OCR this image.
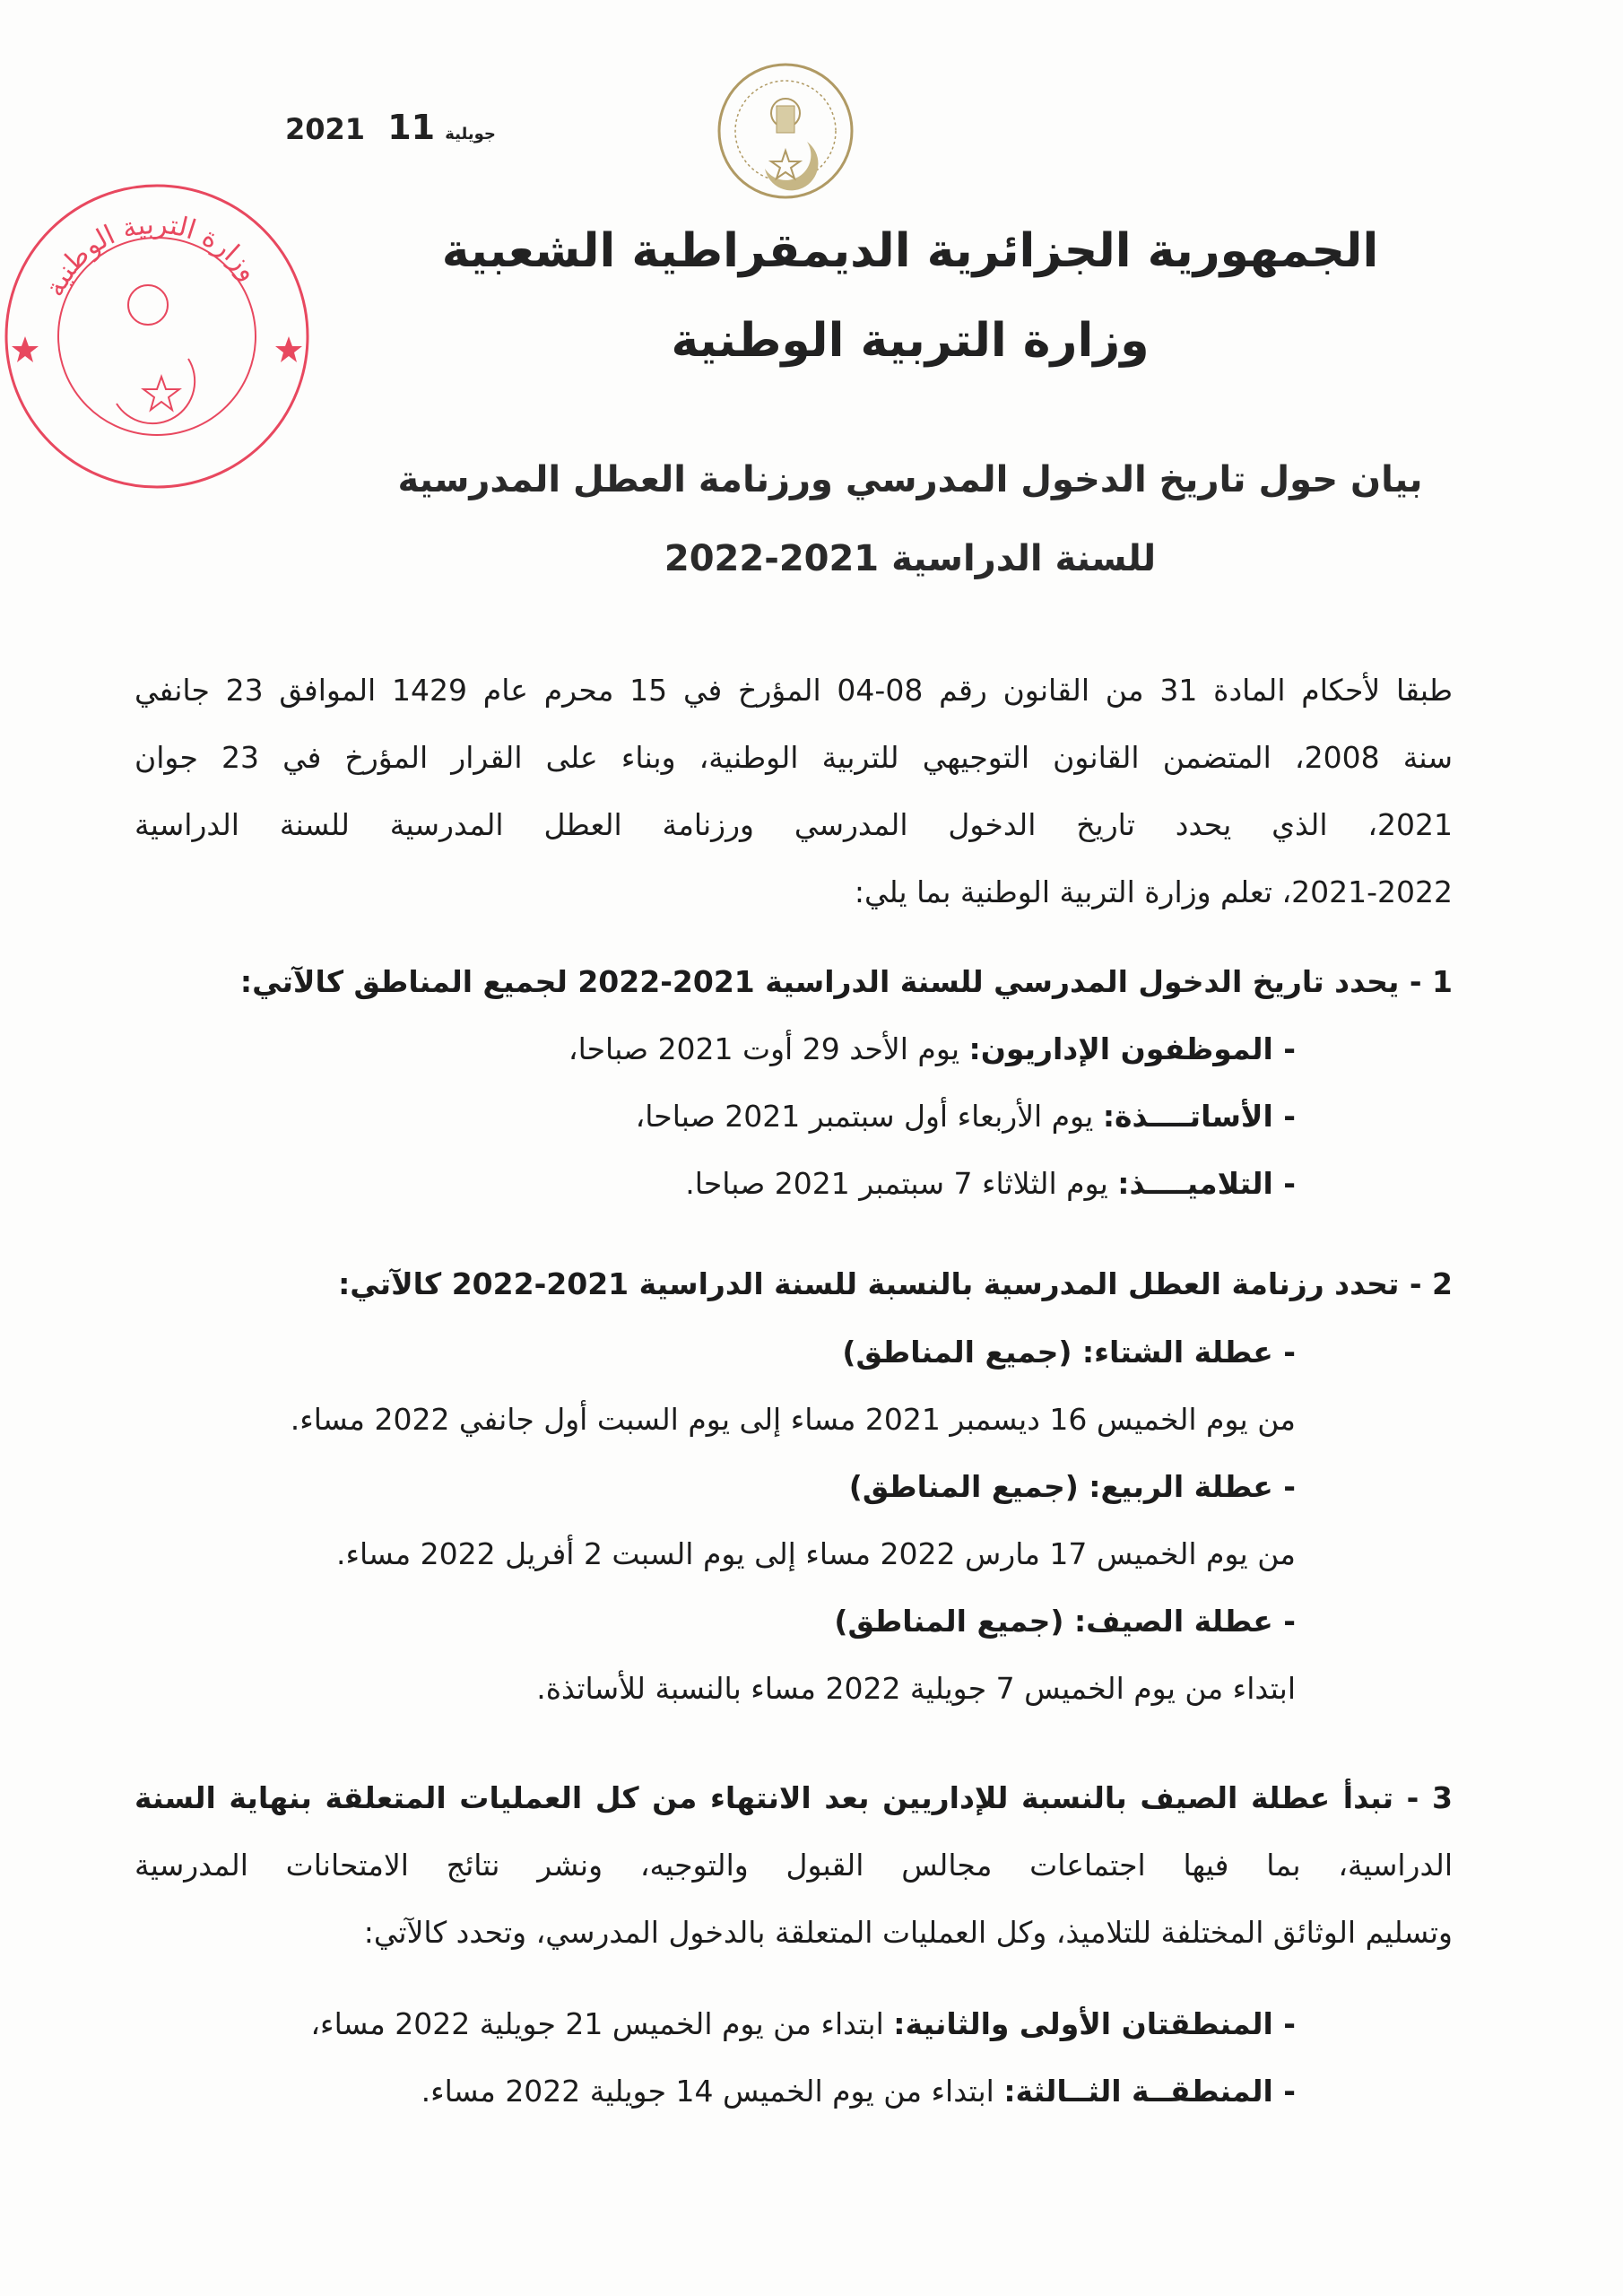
2021	جويلية 11
وزارة التربية الوطنية	الجمهورية الجزائرية الديمقراطية الشعبية
وزارة التربية الوطنية
بيان حول تاريخ الدخول المدرسي ورزنامة العطل المدرسية
للسنة الدراسية 2021-2022
طبقا لأحكام المادة 31 من القانون رقم 08-04 المؤرخ في 15 محرم عام 1429 الموافق 23 جانفي
سنة 2008، المتضمن القانون التوجيهي للتربية الوطنية، وبناء على القرار المؤرخ في 23 جوان
2021، الذي يحدد تاريخ الدخول المدرسي ورزنامة العطل المدرسية للسنة الدراسية
2021-2022، تعلم وزارة التربية الوطنية بما يلي:
1 - يحدد تاريخ الدخول المدرسي للسنة الدراسية 2021-2022 لجميع المناطق كالآتي:
- الموظفون الإداريون: يوم الأحد 29 أوت 2021 صباحا،
- الأساتــــذة: يوم الأربعاء أول سبتمبر 2021 صباحا،
- التلاميــــذ: يوم الثلاثاء 7 سبتمبر 2021 صباحا.
2 - تحدد رزنامة العطل المدرسية بالنسبة للسنة الدراسية 2021-2022 كالآتي:
- عطلة الشتاء: (جميع المناطق)
من يوم الخميس 16 ديسمبر 2021 مساء إلى يوم السبت أول جانفي 2022 مساء.
- عطلة الربيع: (جميع المناطق)
من يوم الخميس 17 مارس 2022 مساء إلى يوم السبت 2 أفريل 2022 مساء.
- عطلة الصيف: (جميع المناطق)
ابتداء من يوم الخميس 7 جويلية 2022 مساء بالنسبة للأساتذة.
3 - تبدأ عطلة الصيف بالنسبة للإداريين بعد الانتهاء من كل العمليات المتعلقة بنهاية السنة
الدراسية، بما فيها اجتماعات مجالس القبول والتوجيه، ونشر نتائج الامتحانات المدرسية
وتسليم الوثائق المختلفة للتلاميذ، وكل العمليات المتعلقة بالدخول المدرسي، وتحدد كالآتي:
- المنطقتان الأولى والثانية: ابتداء من يوم الخميس 21 جويلية 2022 مساء،
- المنطقــة الثــالثة: ابتداء من يوم الخميس 14 جويلية 2022 مساء.
